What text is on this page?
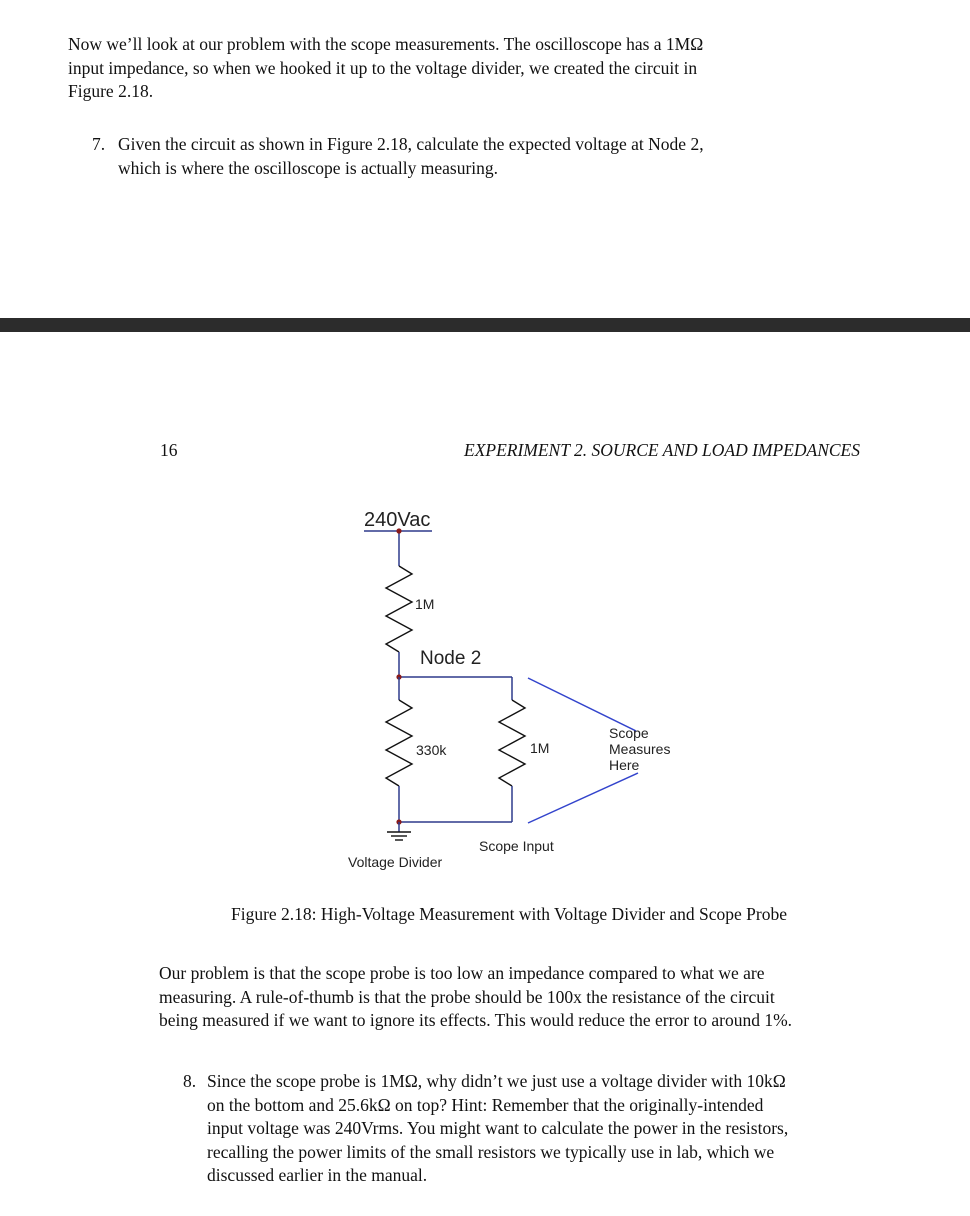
Now we’ll look at our problem with the scope measurements. The oscilloscope has a 1MΩ
input impedance, so when we hooked it up to the voltage divider, we created the circuit in
Figure 2.18.
7. Given the circuit as shown in Figure 2.18, calculate the expected voltage at Node 2,
which is where the oscilloscope is actually measuring.
16	EXPERIMENT 2. SOURCE AND LOAD IMPEDANCES
240Vac
1M
Node 2
330k	1M
Scope
Measures
Here
Scope Input
Voltage Divider
Figure 2.18: High-Voltage Measurement with Voltage Divider and Scope Probe
Our problem is that the scope probe is too low an impedance compared to what we are
measuring. A rule-of-thumb is that the probe should be 100x the resistance of the circuit
being measured if we want to ignore its effects. This would reduce the error to around 1%.
8. Since the scope probe is 1MΩ, why didn’t we just use a voltage divider with 10kΩ
on the bottom and 25.6kΩ on top? Hint: Remember that the originally-intended
input voltage was 240Vrms. You might want to calculate the power in the resistors,
recalling the power limits of the small resistors we typically use in lab, which we
discussed earlier in the manual.
